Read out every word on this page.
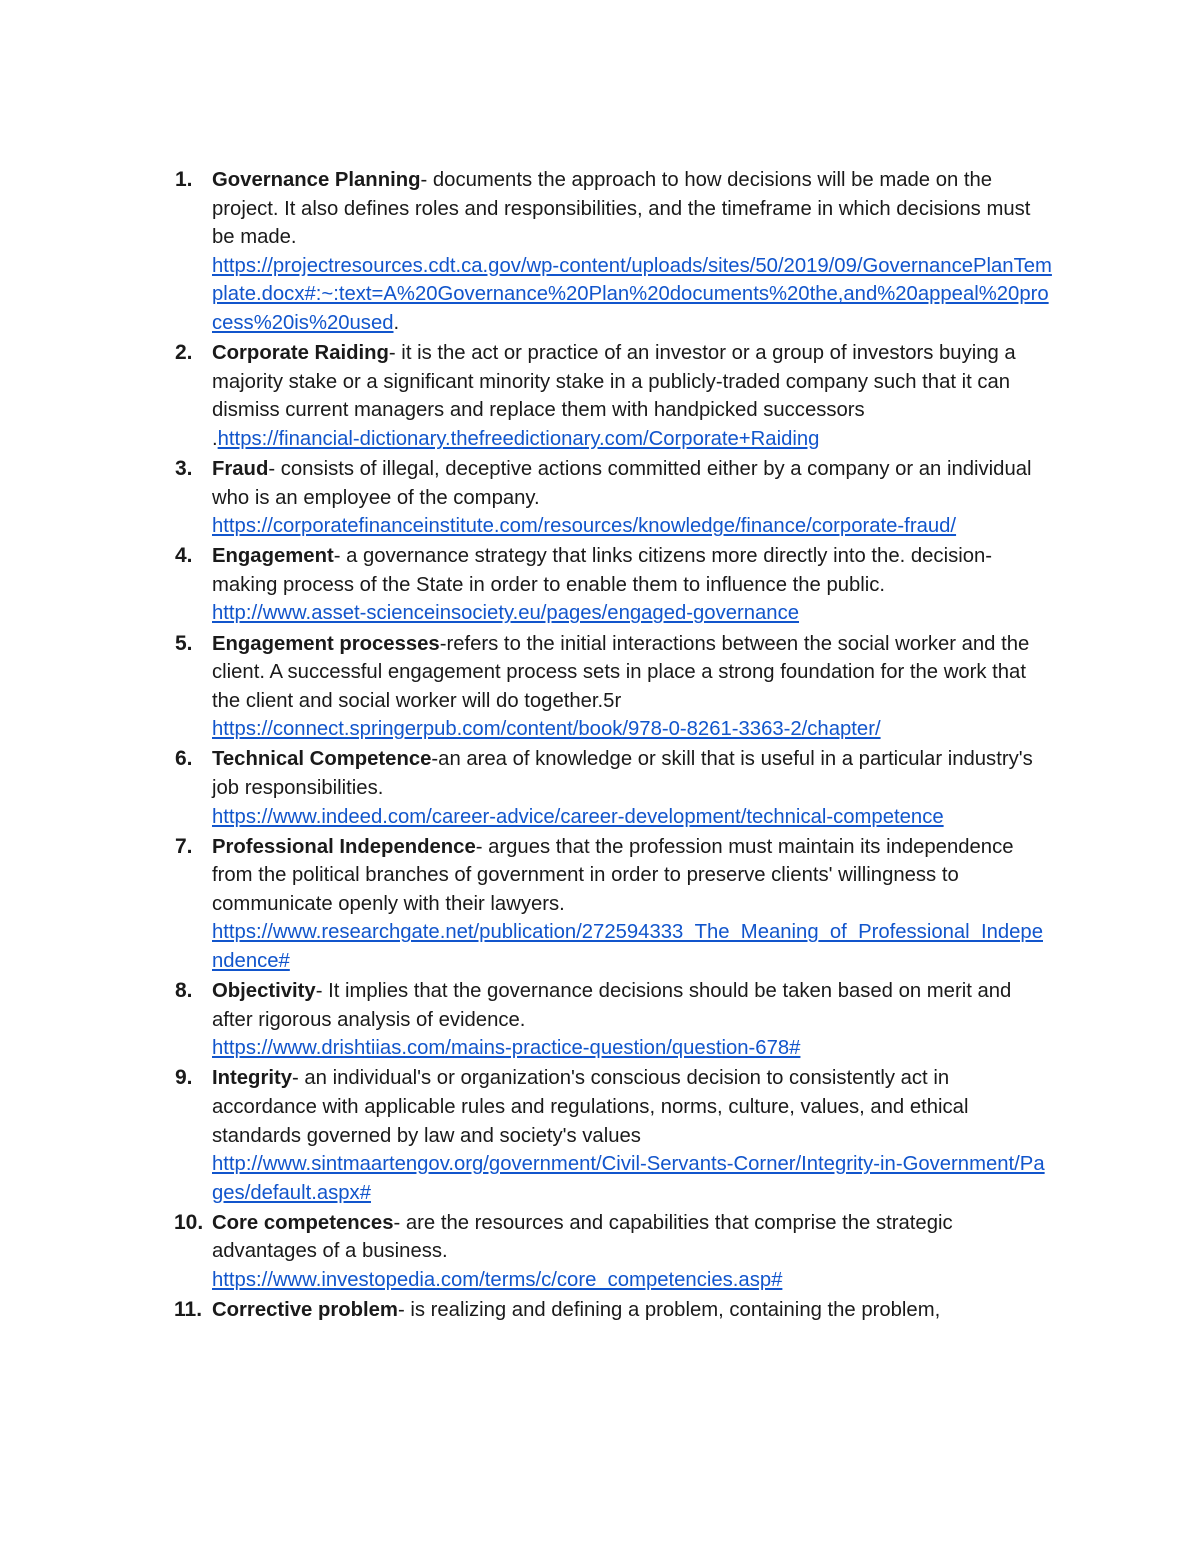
1. Governance Planning- documents the approach to how decisions will be made on the project. It also defines roles and responsibilities, and the timeframe in which decisions must be made.
https://projectresources.cdt.ca.gov/wp-content/uploads/sites/50/2019/09/GovernancePlanTemplate.docx#:~:text=A%20Governance%20Plan%20documents%20the,and%20appeal%20process%20is%20used.
2. Corporate Raiding- it is the act or practice of an investor or a group of investors buying a majority stake or a significant minority stake in a publicly-traded company such that it can dismiss current managers and replace them with handpicked successors
.https://financial-dictionary.thefreedictionary.com/Corporate+Raiding
3. Fraud- consists of illegal, deceptive actions committed either by a company or an individual who is an employee of the company.
https://corporatefinanceinstitute.com/resources/knowledge/finance/corporate-fraud/
4. Engagement- a governance strategy that links citizens more directly into the. decision-making process of the State in order to enable them to influence the public.
http://www.asset-scienceinsociety.eu/pages/engaged-governance
5. Engagement processes-refers to the initial interactions between the social worker and the client. A successful engagement process sets in place a strong foundation for the work that the client and social worker will do together.5r
https://connect.springerpub.com/content/book/978-0-8261-3363-2/chapter/
6. Technical Competence-an area of knowledge or skill that is useful in a particular industry's job responsibilities.
https://www.indeed.com/career-advice/career-development/technical-competence
7. Professional Independence- argues that the profession must maintain its independence from the political branches of government in order to preserve clients' willingness to communicate openly with their lawyers.
https://www.researchgate.net/publication/272594333_The_Meaning_of_Professional_Independence#
8. Objectivity- It implies that the governance decisions should be taken based on merit and after rigorous analysis of evidence.
https://www.drishtiias.com/mains-practice-question/question-678#
9. Integrity- an individual's or organization's conscious decision to consistently act in accordance with applicable rules and regulations, norms, culture, values, and ethical standards governed by law and society's values
http://www.sintmaartengov.org/government/Civil-Servants-Corner/Integrity-in-Government/Pages/default.aspx#
10. Core competences- are the resources and capabilities that comprise the strategic advantages of a business.
https://www.investopedia.com/terms/c/core_competencies.asp#
11. Corrective problem- is realizing and defining a problem, containing the problem,
